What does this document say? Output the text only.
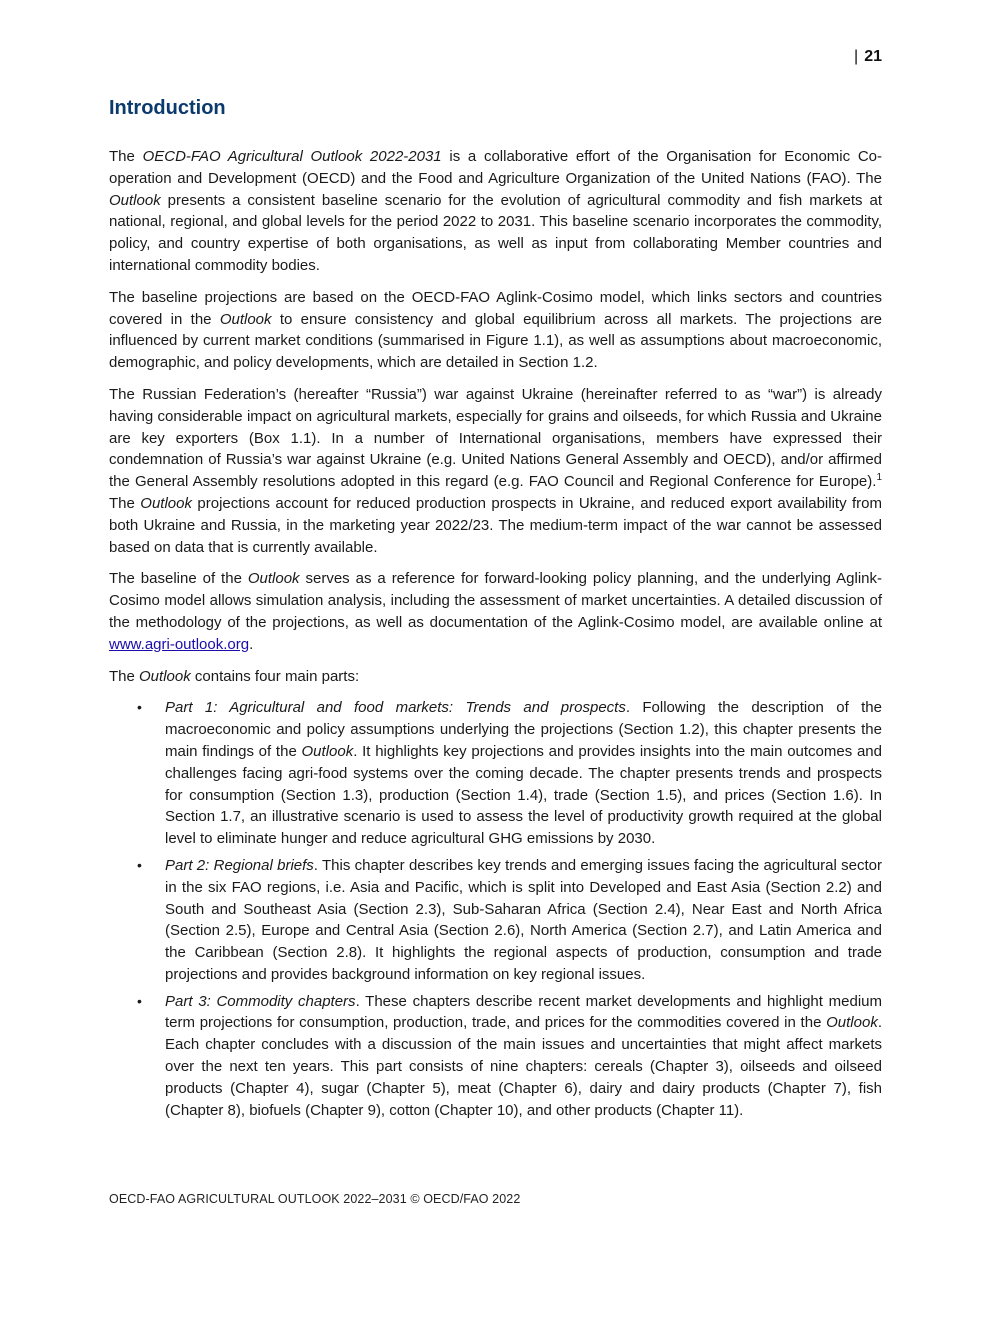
| 21
Introduction

The OECD-FAO Agricultural Outlook 2022-2031 is a collaborative effort of the Organisation for Economic Co-operation and Development (OECD) and the Food and Agriculture Organization of the United Nations (FAO). The Outlook presents a consistent baseline scenario for the evolution of agricultural commodity and fish markets at national, regional, and global levels for the period 2022 to 2031. This baseline scenario incorporates the commodity, policy, and country expertise of both organisations, as well as input from collaborating Member countries and international commodity bodies.

The baseline projections are based on the OECD-FAO Aglink-Cosimo model, which links sectors and countries covered in the Outlook to ensure consistency and global equilibrium across all markets. The projections are influenced by current market conditions (summarised in Figure 1.1), as well as assumptions about macroeconomic, demographic, and policy developments, which are detailed in Section 1.2.

The Russian Federation’s (hereafter “Russia”) war against Ukraine (hereinafter referred to as “war”) is already having considerable impact on agricultural markets, especially for grains and oilseeds, for which Russia and Ukraine are key exporters (Box 1.1). In a number of International organisations, members have expressed their condemnation of Russia’s war against Ukraine (e.g. United Nations General Assembly and OECD), and/or affirmed the General Assembly resolutions adopted in this regard (e.g. FAO Council and Regional Conference for Europe).$^1$ The Outlook projections account for reduced production prospects in Ukraine, and reduced export availability from both Ukraine and Russia, in the marketing year 2022/23. The medium-term impact of the war cannot be assessed based on data that is currently available.

The baseline of the Outlook serves as a reference for forward-looking policy planning, and the underlying Aglink-Cosimo model allows simulation analysis, including the assessment of market uncertainties. A detailed discussion of the methodology of the projections, as well as documentation of the Aglink-Cosimo model, are available online at www.agri-outlook.org.

The Outlook contains four main parts:

• Part 1: Agricultural and food markets: Trends and prospects. Following the description of the macroeconomic and policy assumptions underlying the projections (Section 1.2), this chapter presents the main findings of the Outlook. It highlights key projections and provides insights into the main outcomes and challenges facing agri-food systems over the coming decade. The chapter presents trends and prospects for consumption (Section 1.3), production (Section 1.4), trade (Section 1.5), and prices (Section 1.6). In Section 1.7, an illustrative scenario is used to assess the level of productivity growth required at the global level to eliminate hunger and reduce agricultural GHG emissions by 2030.
• Part 2: Regional briefs. This chapter describes key trends and emerging issues facing the agricultural sector in the six FAO regions, i.e. Asia and Pacific, which is split into Developed and East Asia (Section 2.2) and South and Southeast Asia (Section 2.3), Sub-Saharan Africa (Section 2.4), Near East and North Africa (Section 2.5), Europe and Central Asia (Section 2.6), North America (Section 2.7), and Latin America and the Caribbean (Section 2.8). It highlights the regional aspects of production, consumption and trade projections and provides background information on key regional issues.
• Part 3: Commodity chapters. These chapters describe recent market developments and highlight medium term projections for consumption, production, trade, and prices for the commodities covered in the Outlook. Each chapter concludes with a discussion of the main issues and uncertainties that might affect markets over the next ten years. This part consists of nine chapters: cereals (Chapter 3), oilseeds and oilseed products (Chapter 4), sugar (Chapter 5), meat (Chapter 6), dairy and dairy products (Chapter 7), fish (Chapter 8), biofuels (Chapter 9), cotton (Chapter 10), and other products (Chapter 11).
OECD-FAO AGRICULTURAL OUTLOOK 2022–2031 © OECD/FAO 2022
